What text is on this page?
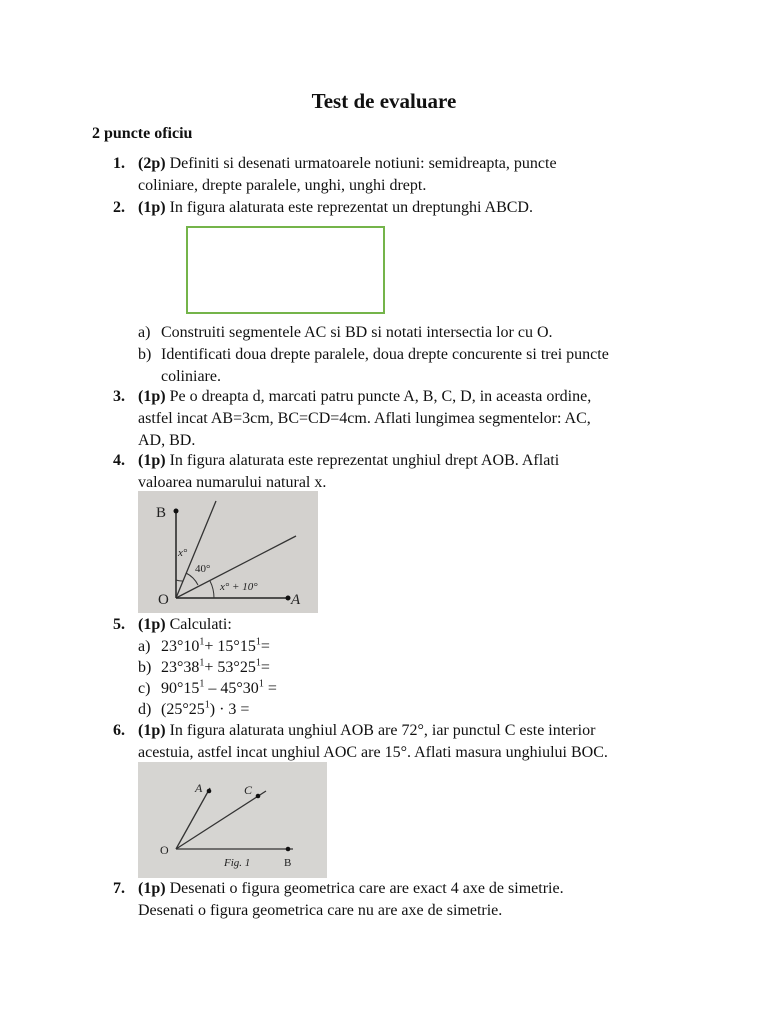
Test de evaluare
2 puncte oficiu
1. (2p) Definiti si desenati urmatoarele notiuni: semidreapta, puncte
coliniare, drepte paralele, unghi, unghi drept.
2. (1p) In figura alaturata este reprezentat un dreptunghi ABCD.
a) Construiti segmentele AC si BD si notati intersectia lor cu O.
b) Identificati doua drepte paralele, doua drepte concurente si trei puncte
coliniare.
3. (1p) Pe o dreapta d, marcati patru puncte A, B, C, D, in aceasta ordine,
astfel incat AB=3cm, BC=CD=4cm. Aflati lungimea segmentelor: AC,
AD, BD.
4. (1p) In figura alaturata este reprezentat unghiul drept AOB. Aflati
valoarea numarului natural x.
B
O	A
x°
40°
x° + 10°
5. (1p) Calculati:
a) $23^\circ 10^1+ 15^\circ 15^1=$
b) $23^\circ 38^1+ 53^\circ 25^1=$
c) $90^\circ 15^1 - 45^\circ 30^1$ =
d) $(25^\circ 25^1) \cdot 3$ =
6. (1p) In figura alaturata unghiul AOB are 72°, iar punctul C este interior
acestuia, astfel incat unghiul AOC are 15°. Aflati masura unghiului BOC.
A	C
O
B
Fig. 1
7. (1p) Desenati o figura geometrica care are exact 4 axe de simetrie.
Desenati o figura geometrica care nu are axe de simetrie.
